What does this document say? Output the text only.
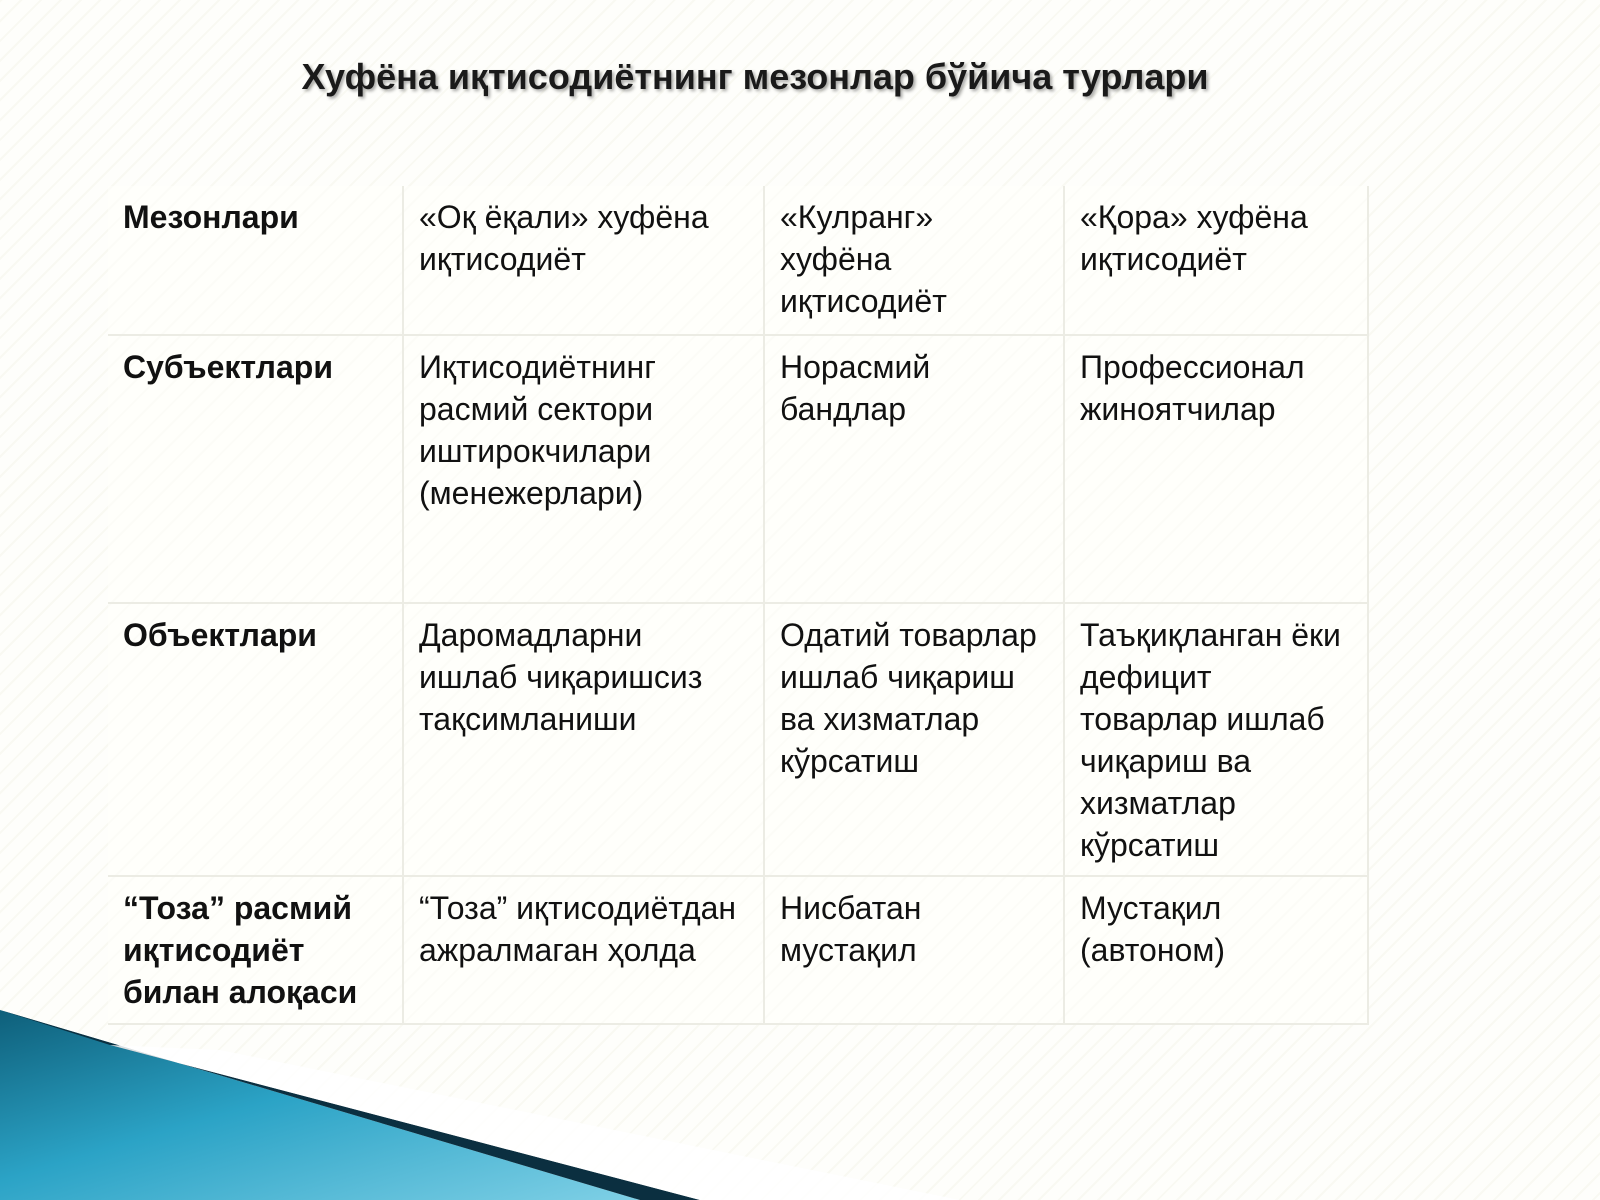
Хуфёна иқтисодиётнинг мезонлар бўйича турлари
Мезонлари	«Оқ ёқали» хуфёна иқтисодиёт	«Кулранг» хуфёна иқтисодиёт	«Қора» хуфёна иқтисодиёт
Субъектлари	Иқтисодиётнинг расмий сектори иштирокчилари (менежерлари)	Норасмий бандлар	Профессионал жиноятчилар
Объектлари	Даромадларни ишлаб чиқаришсиз тақсимланиши	Одатий товарлар ишлаб чиқариш ва хизматлар кўрсатиш	Таъқиқланган ёки дефицит товарлар ишлаб чиқариш ва хизматлар кўрсатиш
“Тоза” расмий иқтисодиёт билан алоқаси	“Тоза” иқтисодиётдан ажралмаган ҳолда	Нисбатан мустақил	Мустақил (автоном)
